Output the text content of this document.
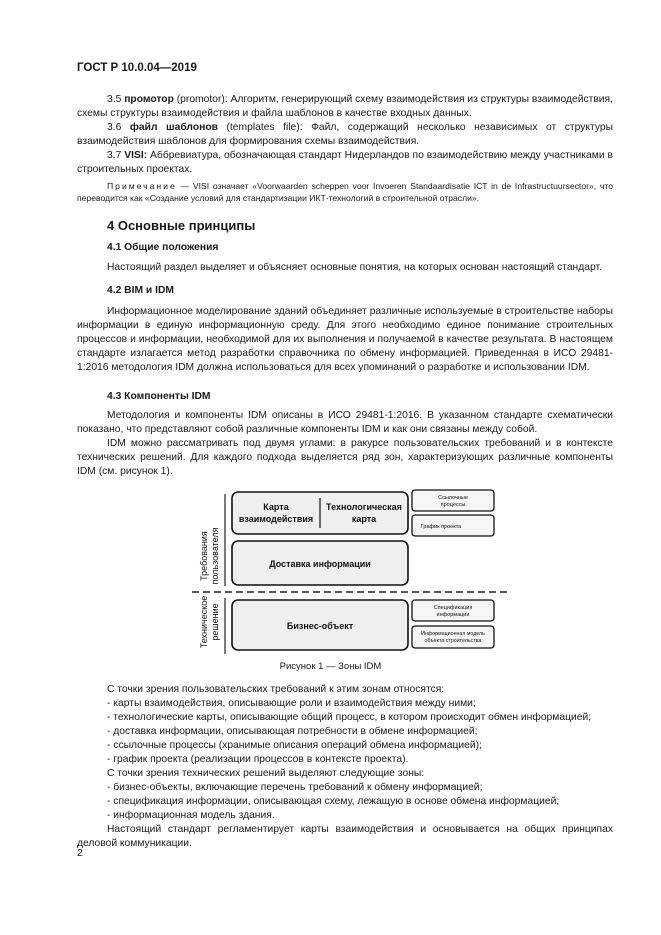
ГОСТ Р 10.0.04—2019

3.5 промотор (promotor): Алгоритм, генерирующий схему взаимодействия из структуры взаимодействия, схемы структуры взаимодействия и файла шаблонов в качестве входных данных.

3.6 файл шаблонов (templates file): Файл, содержащий несколько независимых от структуры взаимодействия шаблонов для формирования схемы взаимодействия.

3.7 VISI: Аббревиатура, обозначающая стандарт Нидерландов по взаимодействию между участниками в строительных проектах.

Примечание — VISI означает «Voorwaarden scheppen voor Invoeren Standaardisatie ICT in de Infrastructuursector», что переводится как «Создание условий для стандартизации ИКТ-технологий в строительной отрасли».

4 Основные принципы
4.1 Общие положения

Настоящий раздел выделяет и объясняет основные понятия, на которых основан настоящий стандарт.

4.2 BIM и IDM

Информационное моделирование зданий объединяет различные используемые в строительстве наборы информации в единую информационную среду. Для этого необходимо единое понимание строительных процессов и информации, необходимой для их выполнения и получаемой в качестве результата. В настоящем стандарте излагается метод разработки справочника по обмену информацией. Приведенная в ИСО 29481-1:2016 методология IDM должна использоваться для всех упоминаний о разработке и использовании IDM.

4.3 Компоненты IDM

Методология и компоненты IDM описаны в ИСО 29481-1:2016. В указанном стандарте схематически показано, что представляют собой различные компоненты IDM и как они связаны между собой.

IDM можно рассматривать под двумя углами: в ракурсе пользовательских требований и в контексте технических решений. Для каждого подхода выделяется ряд зон, характеризующих различные компоненты IDM (см. рисунок 1).

Требования пользователя
Техническое решение
Карта
взаимодействия
Технологическая
карта
Доставка информации
Бизнес-объект
Ссылочные
процессы
График проекта
Спецификация
информации
Информационная модель
объекта строительства
Рисунок 1 — Зоны IDM
С точки зрения пользовательских требований к этим зонам относятся:
- карты взаимодействия, описывающие роли и взаимодействия между ними;
- технологические карты, описывающие общий процесс, в котором происходит обмен информацией;
- доставка информации, описывающая потребности в обмене информацией;
- ссылочные процессы (хранимые описания операций обмена информацией);
- график проекта (реализации процессов в контексте проекта).
С точки зрения технических решений выделяют следующие зоны:
- бизнес-объекты, включающие перечень требований к обмену информацией;
- спецификация информации, описывающая схему, лежащую в основе обмена информацией;
- информационная модель здания.

Настоящий стандарт регламентирует карты взаимодействия и основывается на общих принципах деловой коммуникации.

2
